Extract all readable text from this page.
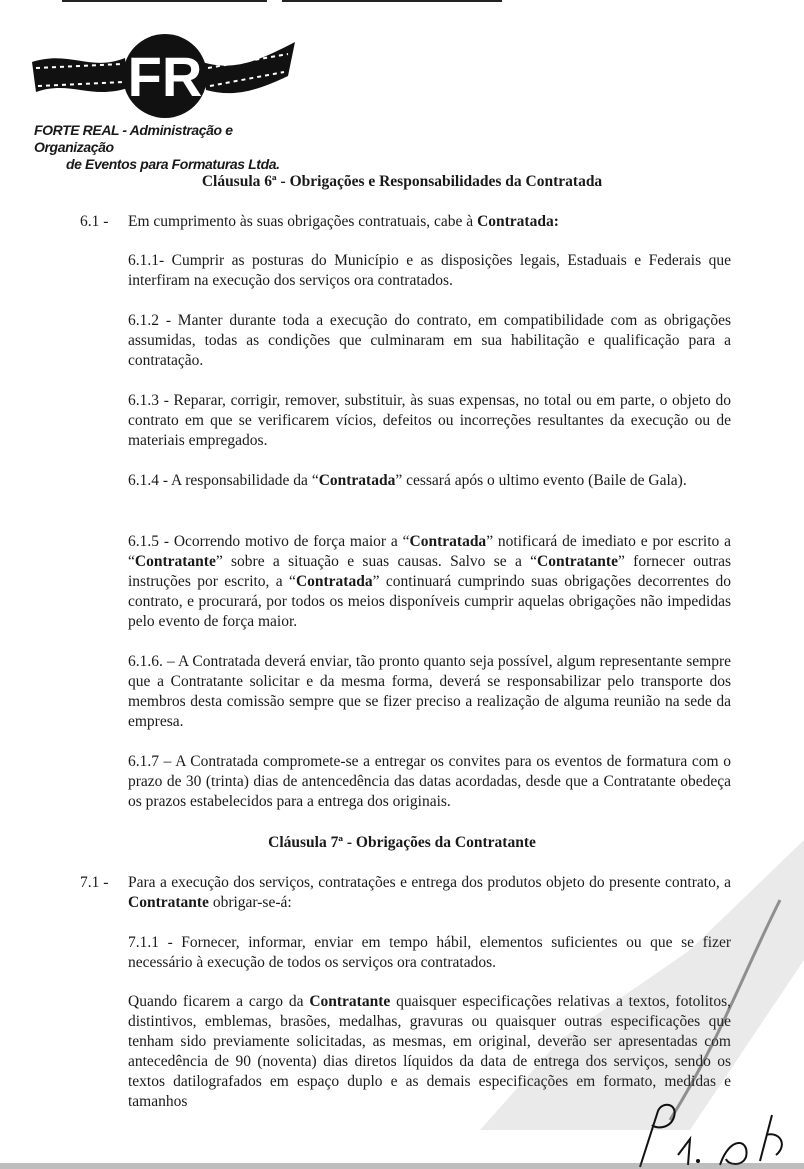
FR
FORTE REAL - Administração e Organização
de Eventos para Formaturas Ltda.
Cláusula 6ª - Obrigações e Responsabilidades da Contratada
6.1 - Em cumprimento às suas obrigações contratuais, cabe à Contratada:
6.1.1- Cumprir as posturas do Município e as disposições legais, Estaduais e Federais que interfiram na execução dos serviços ora contratados.
6.1.2 - Manter durante toda a execução do contrato, em compatibilidade com as obrigações assumidas, todas as condições que culminaram em sua habilitação e qualificação para a contratação.
6.1.3 - Reparar, corrigir, remover, substituir, às suas expensas, no total ou em parte, o objeto do contrato em que se verificarem vícios, defeitos ou incorreções resultantes da execução ou de materiais empregados.
6.1.4 - A responsabilidade da “Contratada” cessará após o ultimo evento (Baile de Gala).
6.1.5 - Ocorrendo motivo de força maior a “Contratada” notificará de imediato e por escrito a “Contratante” sobre a situação e suas causas. Salvo se a “Contratante” fornecer outras instruções por escrito, a “Contratada” continuará cumprindo suas obrigações decorrentes do contrato, e procurará, por todos os meios disponíveis cumprir aquelas obrigações não impedidas pelo evento de força maior.
6.1.6. – A Contratada deverá enviar, tão pronto quanto seja possível, algum representante sempre que a Contratante solicitar e da mesma forma, deverá se responsabilizar pelo transporte dos membros desta comissão sempre que se fizer preciso a realização de alguma reunião na sede da empresa.
6.1.7 – A Contratada compromete-se a entregar os convites para os eventos de formatura com o prazo de 30 (trinta) dias de antencedência das datas acordadas, desde que a Contratante obedeça os prazos estabelecidos para a entrega dos originais.
Cláusula 7ª - Obrigações da Contratante
7.1 - Para a execução dos serviços, contratações e entrega dos produtos objeto do presente contrato, a Contratante obrigar-se-á:
7.1.1 - Fornecer, informar, enviar em tempo hábil, elementos suficientes ou que se fizer necessário à execução de todos os serviços ora contratados.
Quando ficarem a cargo da Contratante quaisquer especificações relativas a textos, fotolitos, distintivos, emblemas, brasões, medalhas, gravuras ou quaisquer outras especificações que tenham sido previamente solicitadas, as mesmas, em original, deverão ser apresentadas com antecedência de 90 (noventa) dias diretos líquidos da data de entrega dos serviços, sendo os textos datilografados em espaço duplo e as demais especificações em formato, medidas e tamanhos
